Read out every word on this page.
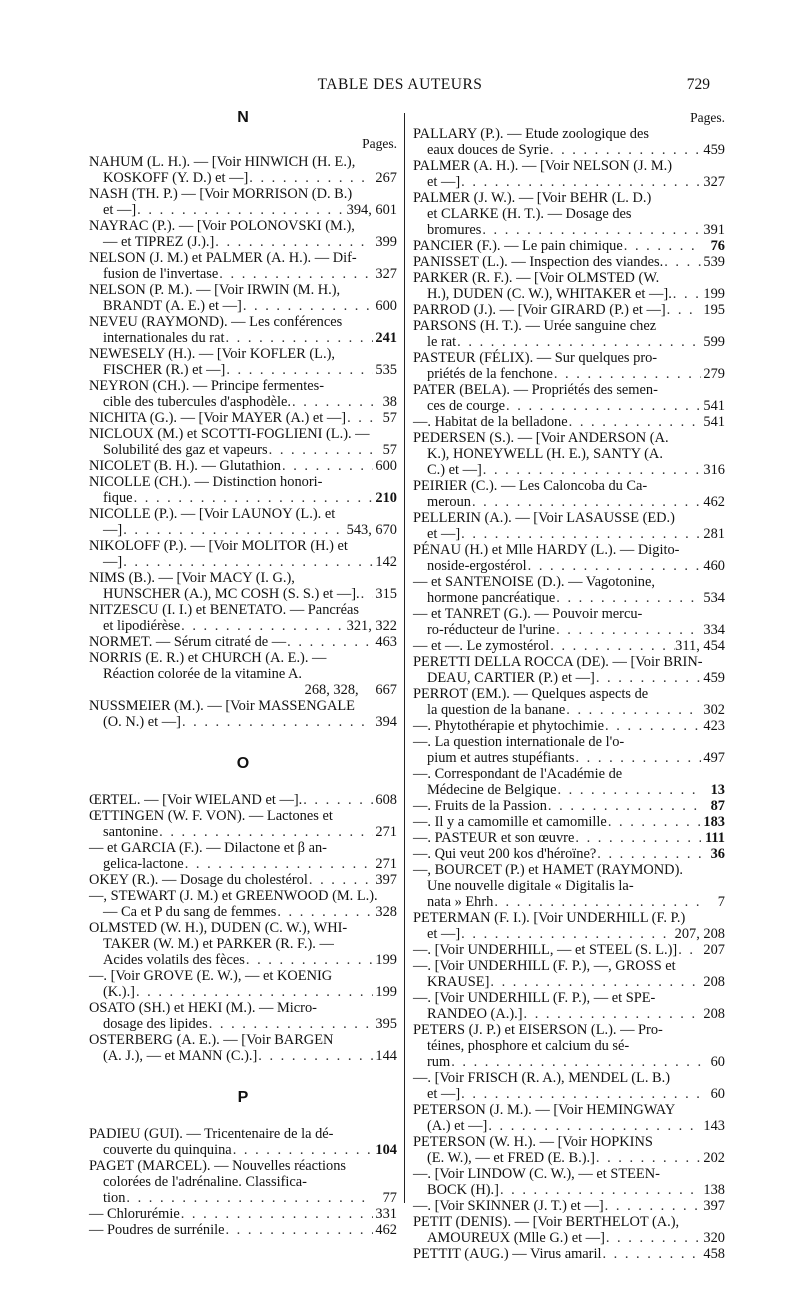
TABLE DES AUTEURS	729
N
Pages.
NAHUM (L. H.). — [Voir HINWICH (H. E.),
KOSKOFF (Y. D.) et —] . . .	267
NASH (TH. P.) — [Voir MORRISON (D. B.)
et —] . . .	394, 601
NAYRAC (P.). — [Voir POLONOVSKI (M.),
— et TIPREZ (J.).] . . .	399
NELSON (J. M.) et PALMER (A. H.). — Dif-
fusion de l'invertase . . .	327
NELSON (P. M.). — [Voir IRWIN (M. H.),
BRANDT (A. E.) et —] . . .	600
NEVEU (RAYMOND). — Les conférences
internationales du rat . . .	241
NEWESELY (H.). — [Voir KOFLER (L.),
FISCHER (R.) et —] . . .	535
NEYRON (CH.). — Principe fermentes-
cible des tubercules d'asphodèle. . . .	38
NICHITA (G.). — [Voir MAYER (A.) et —] . . .	57
NICLOUX (M.) et SCOTTI-FOGLIENI (L.). —
Solubilité des gaz et vapeurs . . .	57
NICOLET (B. H.). — Glutathion . . .	600
NICOLLE (CH.). — Distinction honori-
fique . . .	210
NICOLLE (P.). — [Voir LAUNOY (L.). et
—] . . .	543, 670
NIKOLOFF (P.). — [Voir MOLITOR (H.) et
—] . . .	142
NIMS (B.). — [Voir MACY (I. G.),
HUNSCHER (A.), MC COSH (S. S.) et —]. . . . 315
NITZESCU (I. I.) et BENETATO. — Pancréas
et lipodiérèse . . .	321, 322
NORMET. — Sérum citraté de — . . .	463
NORRIS (E. R.) et CHURCH (A. E.). —
Réaction colorée de la vitamine A.
268, 328,
  667
NUSSMEIER (M.). — [Voir MASSENGALE
(O. N.) et —] . . .	394
O
ŒRTEL. — [Voir WIELAND et —]. . . .	608
ŒTTINGEN (W. F. VON). — Lactones et
santonine . . .	271
— et GARCIA (F.). — Dilactone et β an-
gelica-lactone . . .	271
OKEY (R.). — Dosage du cholestérol . . .	397
—, STEWART (J. M.) et GREENWOOD (M. L.).
— Ca et P du sang de femmes . . .	328
OLMSTED (W. H.), DUDEN (C. W.), WHI-
TAKER (W. M.) et PARKER (R. F.). —
Acides volatils des fèces . . .	199
—. [Voir GROVE (E. W.), — et KOENIG
(K.).] . . .	199
OSATO (SH.) et HEKI (M.). — Micro-
dosage des lipides . . .	395
OSTERBERG (A. E.). — [Voir BARGEN
(A. J.), — et MANN (C.).] . . .	144
P
PADIEU (GUI). — Tricentenaire de la dé-
couverte du quinquina . . .	104
PAGET (MARCEL). — Nouvelles réactions
colorées de l'adrénaline. Classifica-
tion . . .	77
— Chlorurémie . . .	331
— Poudres de surrénile . . .	462
Pages.
PALLARY (P.). — Etude zoologique des
eaux douces de Syrie . . .	459
PALMER (A. H.). — [Voir NELSON (J. M.)
et —] . . .	327
PALMER (J. W.). — [Voir BEHR (L. D.)
et CLARKE (H. T.). — Dosage des
bromures . . .	391
PANCIER (F.). — Le pain chimique . . .	76
PANISSET (L.). — Inspection des viandes. . . .	539
PARKER (R. F.). — [Voir OLMSTED (W.
H.), DUDEN (C. W.), WHITAKER et —]. . . . 199
PARROD (J.). — [Voir GIRARD (P.) et —] . . .	195
PARSONS (H. T.). — Urée sanguine chez
le rat . . .	599
PASTEUR (FÉLIX). — Sur quelques pro-
priétés de la fenchone . . .	279
PATER (BELA). — Propriétés des semen-
ces de courge . . .	541
—. Habitat de la belladone . . .	541
PEDERSEN (S.). — [Voir ANDERSON (A.
K.), HONEYWELL (H. E.), SANTY (A.
C.) et —] . . .	316
PEIRIER (C.). — Les Caloncoba du Ca-
meroun . . .	462
PELLERIN (A.). — [Voir LASAUSSE (ED.)
et —] . . .	281
PÉNAU (H.) et Mlle HARDY (L.). — Digito-
noside-ergostérol . . .	460
— et SANTENOISE (D.). — Vagotonine,
hormone pancréatique . . .	534
— et TANRET (G.). — Pouvoir mercu-
ro-réducteur de l'urine . . .	334
— et —. Le zymostérol . . .	311, 454
PERETTI DELLA ROCCA (DE). — [Voir BRIN-
DEAU, CARTIER (P.) et —] . . .	459
PERROT (EM.). — Quelques aspects de
la question de la banane . . .	302
—. Phytothérapie et phytochimie . . .	423
—. La question internationale de l'o-
pium et autres stupéfiants . . .	497
—. Correspondant de l'Académie de
Médecine de Belgique . . .	13
—. Fruits de la Passion . . .	87
—. Il y a camomille et camomille . . .	183
—. PASTEUR et son œuvre . . .	111
—. Qui veut 200 kos d'héroïne? . . .	36
—, BOURCET (P.) et HAMET (RAYMOND).
Une nouvelle digitale « Digitalis la-
nata » Ehrh . . .	7
PETERMAN (F. I.). [Voir UNDERHILL (F. P.)
et —] . . .	207, 208
—. [Voir UNDERHILL, — et STEEL (S. L.)] . . . 207
—. [Voir UNDERHILL (F. P.), —, GROSS et
KRAUSE] . . .	208
—. [Voir UNDERHILL (F. P.), — et SPE-
RANDEO (A.).] . . .	208
PETERS (J. P.) et EISERSON (L.). — Pro-
téines, phosphore et calcium du sé-
rum . . .	60
—. [Voir FRISCH (R. A.), MENDEL (L. B.)
et —] . . .	60
PETERSON (J. M.). — [Voir HEMINGWAY
(A.) et —] . . .	143
PETERSON (W. H.). — [Voir HOPKINS
(E. W.), — et FRED (E. B.).] . . .	202
—. [Voir LINDOW (C. W.), — et STEEN-
BOCK (H).] . . .	138
—. [Voir SKINNER (J. T.) et —] . . .	397
PETIT (DENIS). — [Voir BERTHELOT (A.),
AMOUREUX (Mlle G.) et —] . . .	320
PETTIT (AUG.) — Virus amaril . . .	458
